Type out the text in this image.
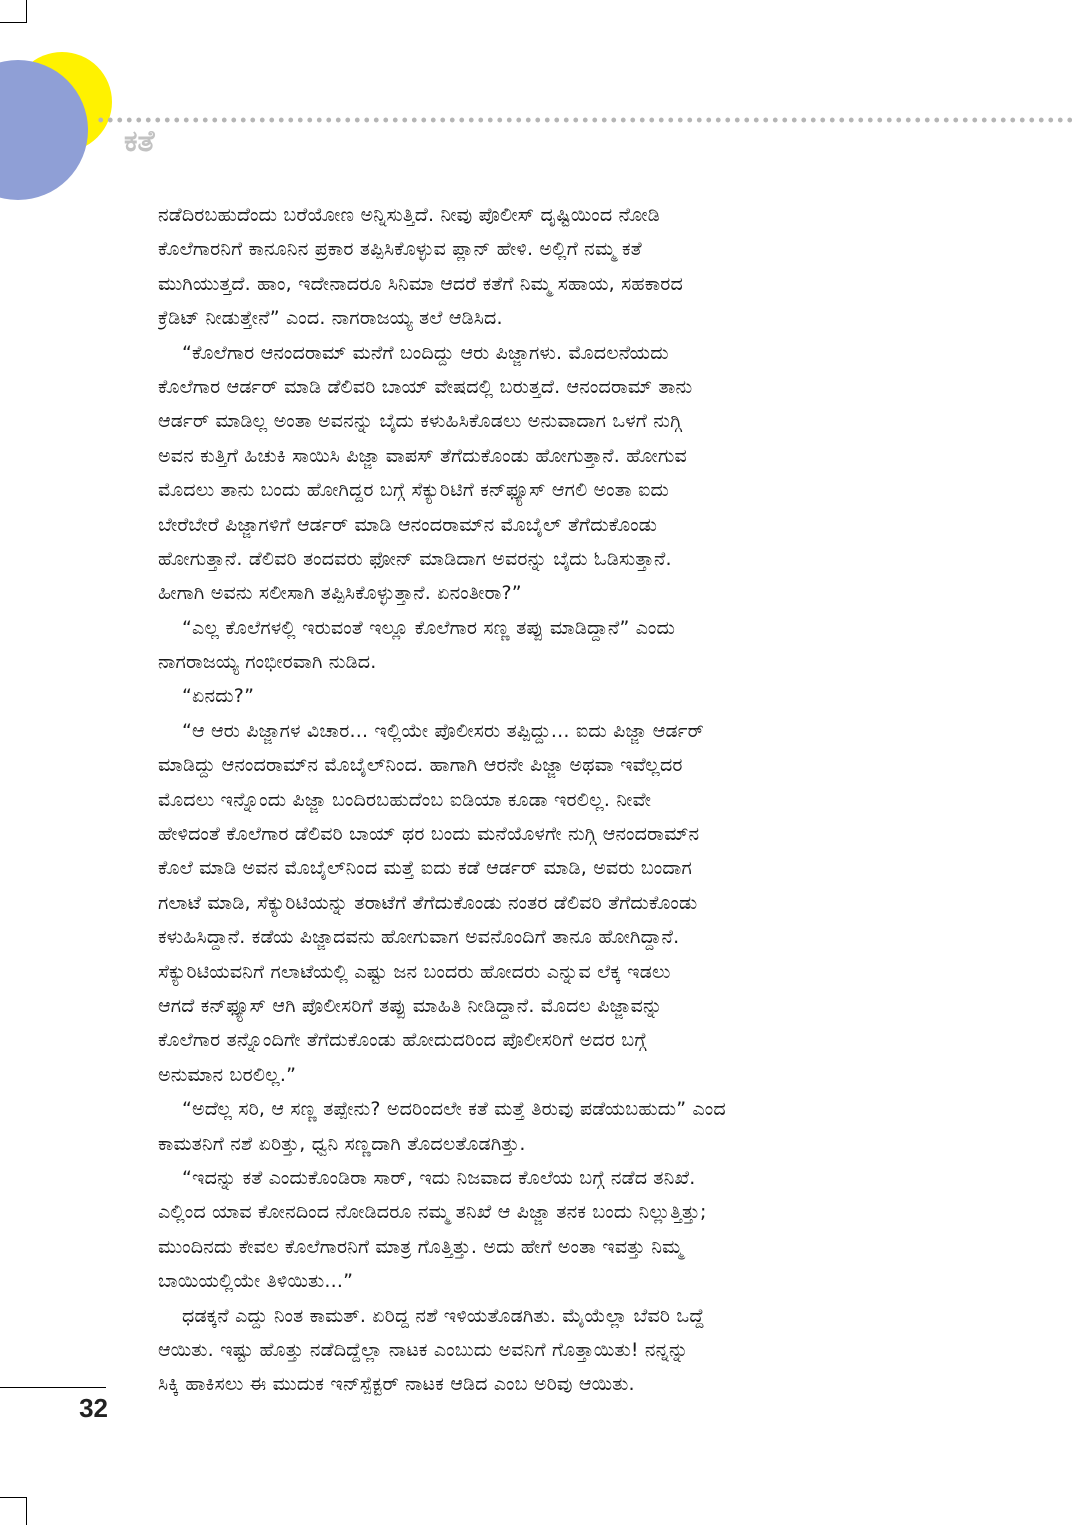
ಕತೆ
ನಡೆದಿರಬಹುದೆಂದು ಬರೆಯೋಣ ಅನ್ನಿಸುತ್ತಿದೆ. ನೀವು ಪೊಲೀಸ್ ದೃಷ್ಟಿಯಿಂದ ನೋಡಿ
ಕೊಲೆಗಾರನಿಗೆ ಕಾನೂನಿನ ಪ್ರಕಾರ ತಪ್ಪಿಸಿಕೊಳ್ಳುವ ಪ್ಲಾನ್ ಹೇಳಿ. ಅಲ್ಲಿಗೆ ನಮ್ಮ ಕತೆ
ಮುಗಿಯುತ್ತದೆ. ಹಾಂ, ಇದೇನಾದರೂ ಸಿನಿಮಾ ಆದರೆ ಕತೆಗೆ ನಿಮ್ಮ ಸಹಾಯ, ಸಹಕಾರದ
ಕ್ರೆಡಿಟ್ ನೀಡುತ್ತೇನೆ” ಎಂದ. ನಾಗರಾಜಯ್ಯ ತಲೆ ಆಡಿಸಿದ.
“ಕೊಲೆಗಾರ ಆನಂದರಾಮ್ ಮನೆಗೆ ಬಂದಿದ್ದು ಆರು ಪಿಜ್ಜಾಗಳು. ಮೊದಲನೆಯದು
ಕೊಲೆಗಾರ ಆರ್ಡರ್ ಮಾಡಿ ಡೆಲಿವರಿ ಬಾಯ್ ವೇಷದಲ್ಲಿ ಬರುತ್ತದೆ. ಆನಂದರಾಮ್ ತಾನು
ಆರ್ಡರ್ ಮಾಡಿಲ್ಲ ಅಂತಾ ಅವನನ್ನು ಬೈದು ಕಳುಹಿಸಿಕೊಡಲು ಅನುವಾದಾಗ ಒಳಗೆ ನುಗ್ಗಿ
ಅವನ ಕುತ್ತಿಗೆ ಹಿಚುಕಿ ಸಾಯಿಸಿ ಪಿಜ್ಜಾ ವಾಪಸ್ ತೆಗೆದುಕೊಂಡು ಹೋಗುತ್ತಾನೆ. ಹೋಗುವ
ಮೊದಲು ತಾನು ಬಂದು ಹೋಗಿದ್ದರ ಬಗ್ಗೆ ಸೆಕ್ಯುರಿಟಿಗೆ ಕನ್‌ಫ್ಯೂಸ್ ಆಗಲಿ ಅಂತಾ ಐದು
ಬೇರೆಬೇರೆ ಪಿಜ್ಜಾಗಳಿಗೆ ಆರ್ಡರ್ ಮಾಡಿ ಆನಂದರಾಮ್‌ನ ಮೊಬೈಲ್ ತೆಗೆದುಕೊಂಡು
ಹೋಗುತ್ತಾನೆ. ಡೆಲಿವರಿ ತಂದವರು ಫೋನ್ ಮಾಡಿದಾಗ ಅವರನ್ನು ಬೈದು ಓಡಿಸುತ್ತಾನೆ.
ಹೀಗಾಗಿ ಅವನು ಸಲೀಸಾಗಿ ತಪ್ಪಿಸಿಕೊಳ್ಳುತ್ತಾನೆ. ಏನಂತೀರಾ?”
“ಎಲ್ಲ ಕೊಲೆಗಳಲ್ಲಿ ಇರುವಂತೆ ಇಲ್ಲೂ ಕೊಲೆಗಾರ ಸಣ್ಣ ತಪ್ಪು ಮಾಡಿದ್ದಾನೆ” ಎಂದು
ನಾಗರಾಜಯ್ಯ ಗಂಭೀರವಾಗಿ ನುಡಿದ.
“ಏನದು?”
“ಆ ಆರು ಪಿಜ್ಜಾಗಳ ವಿಚಾರ... ಇಲ್ಲಿಯೇ ಪೊಲೀಸರು ತಪ್ಪಿದ್ದು... ಐದು ಪಿಜ್ಜಾ ಆರ್ಡರ್
ಮಾಡಿದ್ದು ಆನಂದರಾಮ್‌ನ ಮೊಬೈಲ್‌ನಿಂದ. ಹಾಗಾಗಿ ಆರನೇ ಪಿಜ್ಜಾ ಅಥವಾ ಇವೆಲ್ಲದರ
ಮೊದಲು ಇನ್ನೊಂದು ಪಿಜ್ಜಾ ಬಂದಿರಬಹುದೆಂಬ ಐಡಿಯಾ ಕೂಡಾ ಇರಲಿಲ್ಲ. ನೀವೇ
ಹೇಳಿದಂತೆ ಕೊಲೆಗಾರ ಡೆಲಿವರಿ ಬಾಯ್ ಥರ ಬಂದು ಮನೆಯೊಳಗೇ ನುಗ್ಗಿ ಆನಂದರಾಮ್‌ನ
ಕೊಲೆ ಮಾಡಿ ಅವನ ಮೊಬೈಲ್‌ನಿಂದ ಮತ್ತೆ ಐದು ಕಡೆ ಆರ್ಡರ್ ಮಾಡಿ, ಅವರು ಬಂದಾಗ
ಗಲಾಟೆ ಮಾಡಿ, ಸೆಕ್ಯುರಿಟಿಯನ್ನು ತರಾಟೆಗೆ ತೆಗೆದುಕೊಂಡು ನಂತರ ಡೆಲಿವರಿ ತೆಗೆದುಕೊಂಡು
ಕಳುಹಿಸಿದ್ದಾನೆ. ಕಡೆಯ ಪಿಜ್ಜಾದವನು ಹೋಗುವಾಗ ಅವನೊಂದಿಗೆ ತಾನೂ ಹೋಗಿದ್ದಾನೆ.
ಸೆಕ್ಯುರಿಟಿಯವನಿಗೆ ಗಲಾಟೆಯಲ್ಲಿ ಎಷ್ಟು ಜನ ಬಂದರು ಹೋದರು ಎನ್ನುವ ಲೆಕ್ಕ ಇಡಲು
ಆಗದೆ ಕನ್‌ಫ್ಯೂಸ್ ಆಗಿ ಪೊಲೀಸರಿಗೆ ತಪ್ಪು ಮಾಹಿತಿ ನೀಡಿದ್ದಾನೆ. ಮೊದಲ ಪಿಜ್ಜಾವನ್ನು
ಕೊಲೆಗಾರ ತನ್ನೊಂದಿಗೇ ತೆಗೆದುಕೊಂಡು ಹೋದುದರಿಂದ ಪೊಲೀಸರಿಗೆ ಅದರ ಬಗ್ಗೆ
ಅನುಮಾನ ಬರಲಿಲ್ಲ.”
“ಅದೆಲ್ಲ ಸರಿ, ಆ ಸಣ್ಣ ತಪ್ಪೇನು? ಅದರಿಂದಲೇ ಕತೆ ಮತ್ತೆ ತಿರುವು ಪಡೆಯಬಹುದು” ಎಂದ
ಕಾಮತನಿಗೆ ನಶೆ ಏರಿತ್ತು, ಧ್ವನಿ ಸಣ್ಣದಾಗಿ ತೊದಲತೊಡಗಿತ್ತು.
“ಇದನ್ನು ಕತೆ ಎಂದುಕೊಂಡಿರಾ ಸಾರ್, ಇದು ನಿಜವಾದ ಕೊಲೆಯ ಬಗ್ಗೆ ನಡೆದ ತನಿಖೆ.
ಎಲ್ಲಿಂದ ಯಾವ ಕೋನದಿಂದ ನೋಡಿದರೂ ನಮ್ಮ ತನಿಖೆ ಆ ಪಿಜ್ಜಾ ತನಕ ಬಂದು ನಿಲ್ಲುತ್ತಿತ್ತು;
ಮುಂದಿನದು ಕೇವಲ ಕೊಲೆಗಾರನಿಗೆ ಮಾತ್ರ ಗೊತ್ತಿತ್ತು. ಅದು ಹೇಗೆ ಅಂತಾ ಇವತ್ತು ನಿಮ್ಮ
ಬಾಯಿಯಲ್ಲಿಯೇ ತಿಳಿಯಿತು...”
ಧಡಕ್ಕನೆ ಎದ್ದು ನಿಂತ ಕಾಮತ್. ಏರಿದ್ದ ನಶೆ ಇಳಿಯತೊಡಗಿತು. ಮೈಯೆಲ್ಲಾ ಬೆವರಿ ಒದ್ದೆ
ಆಯಿತು. ಇಷ್ಟು ಹೊತ್ತು ನಡೆದಿದ್ದೆಲ್ಲಾ ನಾಟಕ ಎಂಬುದು ಅವನಿಗೆ ಗೊತ್ತಾಯಿತು! ನನ್ನನ್ನು
ಸಿಕ್ಕಿ ಹಾಕಿಸಲು ಈ ಮುದುಕ ಇನ್‌ಸ್ಪೆಕ್ಟರ್ ನಾಟಕ ಆಡಿದ ಎಂಬ ಅರಿವು ಆಯಿತು.
32
